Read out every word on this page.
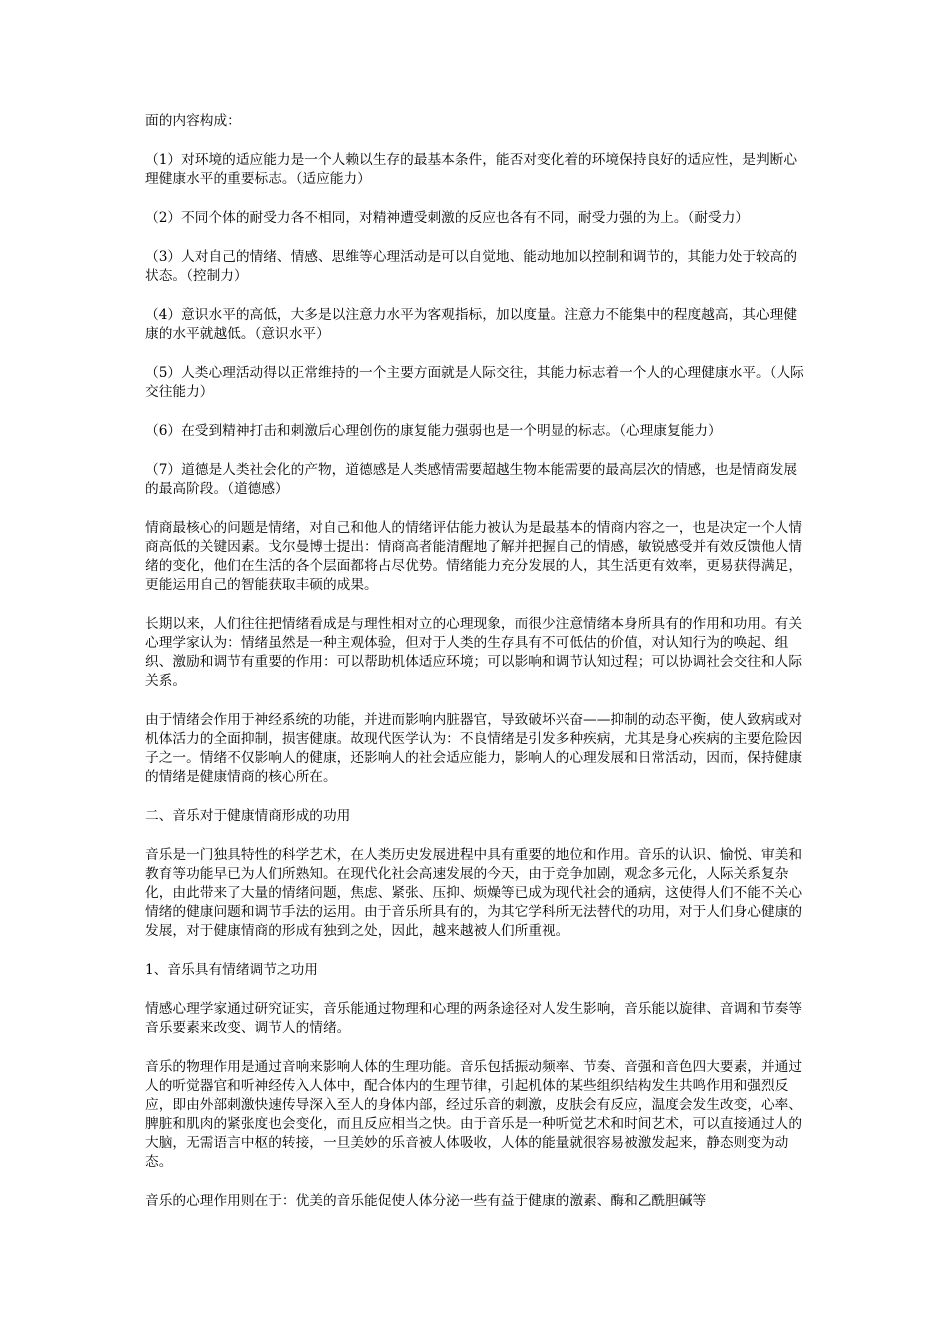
面的内容构成：

（1）对环境的适应能力是一个人赖以生存的最基本条件，能否对变化着的环境保持良好的适应性，是判断心理健康水平的重要标志。（适应能力）

（2）不同个体的耐受力各不相同，对精神遭受刺激的反应也各有不同，耐受力强的为上。（耐受力）

（3）人对自己的情绪、情感、思维等心理活动是可以自觉地、能动地加以控制和调节的，其能力处于较高的状态。（控制力）

（4）意识水平的高低，大多是以注意力水平为客观指标，加以度量。注意力不能集中的程度越高，其心理健康的水平就越低。（意识水平）

（5）人类心理活动得以正常维持的一个主要方面就是人际交往，其能力标志着一个人的心理健康水平。（人际交往能力）

（6）在受到精神打击和刺激后心理创伤的康复能力强弱也是一个明显的标志。（心理康复能力）

（7）道德是人类社会化的产物，道德感是人类感情需要超越生物本能需要的最高层次的情感，也是情商发展的最高阶段。（道德感）

情商最核心的问题是情绪，对自己和他人的情绪评估能力被认为是最基本的情商内容之一，也是决定一个人情商高低的关键因素。戈尔曼博士提出：情商高者能清醒地了解并把握自己的情感，敏锐感受并有效反馈他人情绪的变化，他们在生活的各个层面都将占尽优势。情绪能力充分发展的人，其生活更有效率，更易获得满足，更能运用自己的智能获取丰硕的成果。

长期以来，人们往往把情绪看成是与理性相对立的心理现象，而很少注意情绪本身所具有的作用和功用。有关心理学家认为：情绪虽然是一种主观体验，但对于人类的生存具有不可低估的价值，对认知行为的唤起、组织、激励和调节有重要的作用：可以帮助机体适应环境；可以影响和调节认知过程；可以协调社会交往和人际关系。

由于情绪会作用于神经系统的功能，并进而影响内脏器官，导致破坏兴奋——抑制的动态平衡，使人致病或对机体活力的全面抑制，损害健康。故现代医学认为：不良情绪是引发多种疾病，尤其是身心疾病的主要危险因子之一。情绪不仅影响人的健康，还影响人的社会适应能力，影响人的心理发展和日常活动，因而，保持健康的情绪是健康情商的核心所在。

二、音乐对于健康情商形成的功用

音乐是一门独具特性的科学艺术，在人类历史发展进程中具有重要的地位和作用。音乐的认识、愉悦、审美和教育等功能早已为人们所熟知。在现代化社会高速发展的今天，由于竞争加剧，观念多元化，人际关系复杂化，由此带来了大量的情绪问题，焦虑、紧张、压抑、烦燥等已成为现代社会的通病，这使得人们不能不关心情绪的健康问题和调节手法的运用。由于音乐所具有的，为其它学科所无法替代的功用，对于人们身心健康的发展，对于健康情商的形成有独到之处，因此，越来越被人们所重视。

1、音乐具有情绪调节之功用

情感心理学家通过研究证实，音乐能通过物理和心理的两条途径对人发生影响，音乐能以旋律、音调和节奏等音乐要素来改变、调节人的情绪。

音乐的物理作用是通过音响来影响人体的生理功能。音乐包括振动频率、节奏、音强和音色四大要素，并通过人的听觉器官和听神经传入人体中，配合体内的生理节律，引起机体的某些组织结构发生共鸣作用和强烈反应，即由外部刺激快速传导深入至人的身体内部，经过乐音的刺激，皮肤会有反应，温度会发生改变，心率、脾脏和肌肉的紧张度也会变化，而且反应相当之快。由于音乐是一种听觉艺术和时间艺术，可以直接通过人的大脑，无需语言中枢的转接，一旦美妙的乐音被人体吸收，人体的能量就很容易被激发起来，静态则变为动态。

音乐的心理作用则在于：优美的音乐能促使人体分泌一些有益于健康的激素、酶和乙酰胆碱等
